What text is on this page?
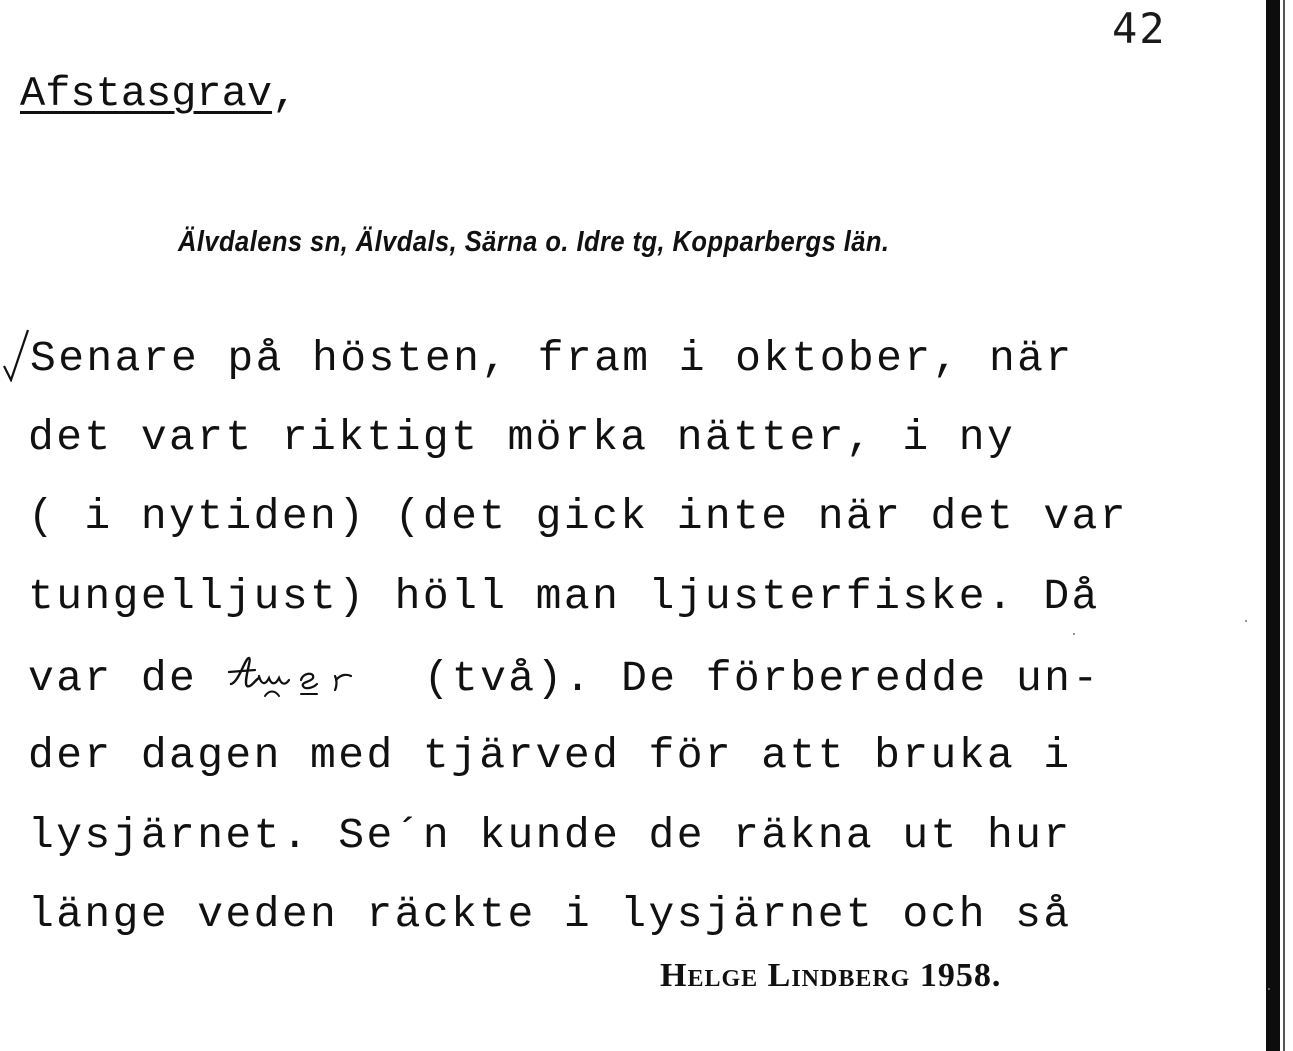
42
Afstasgrav,
Älvdalens sn, Älvdals, Särna o. Idre tg, Kopparbergs län.
Senare på hösten, fram i oktober, när
det vart riktigt mörka nätter, i ny
( i nytiden) (det gick inte när det var
tungelljust) höll man ljusterfiske. Då
var de	(två). De förberedde un-
der dagen med tjärved för att bruka i
lysjärnet. Se´n kunde de räkna ut hur
länge veden räckte i lysjärnet och så
Helge Lindberg 1958.
